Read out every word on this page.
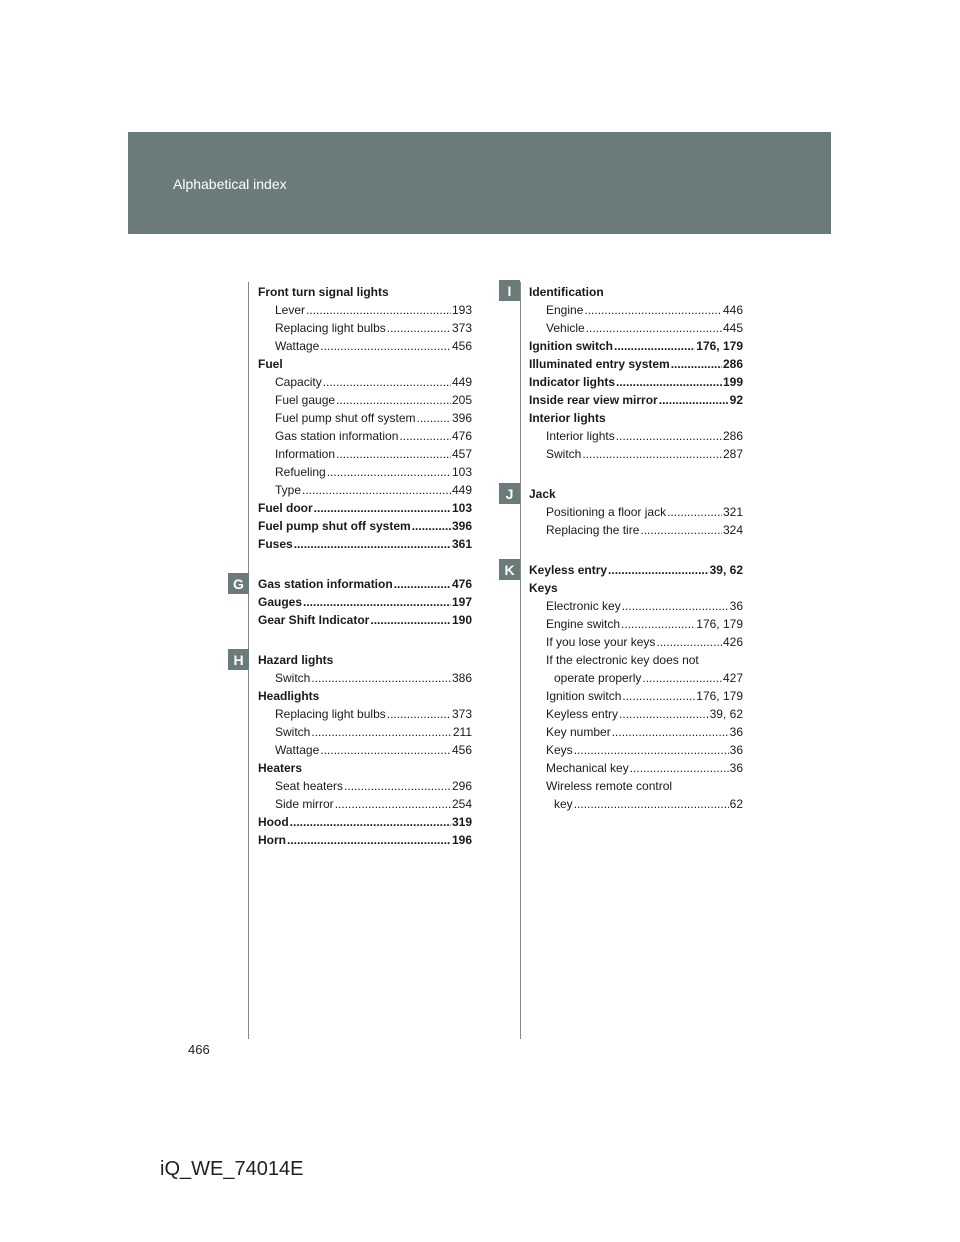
Alphabetical index
G
H
I
J
K
Front turn signal lights
Lever .....	193
Replacing light bulbs .....	373
Wattage .....	456
Fuel
Capacity .....	449
Fuel gauge .....	205
Fuel pump shut off system .....	396
Gas station information .....	476
Information .....	457
Refueling .....	103
Type .....	449
Fuel door .....	103
Fuel pump shut off system .....	396
Fuses .....	361
Gas station information .....	476
Gauges .....	197
Gear Shift Indicator .....	190
Hazard lights
Switch .....	386
Headlights
Replacing light bulbs .....	373
Switch .....	211
Wattage .....	456
Heaters
Seat heaters .....	296
Side mirror .....	254
Hood .....	319
Horn .....	196
Identification
Engine .....	446
Vehicle .....	445
Ignition switch .....	176, 179
Illuminated entry system .....	286
Indicator lights .....	199
Inside rear view mirror .....	92
Interior lights
Interior lights .....	286
Switch .....	287
Jack
Positioning a floor jack .....	321
Replacing the tire .....	324
Keyless entry .....	39, 62
Keys
Electronic key .....	36
Engine switch .....	176, 179
If you lose your keys .....	426
If the electronic key does not
operate properly .....	427
Ignition switch .....	176, 179
Keyless entry .....	39, 62
Key number .....	36
Keys .....	36
Mechanical key .....	36
Wireless remote control
key .....	62
466
iQ_WE_74014E
